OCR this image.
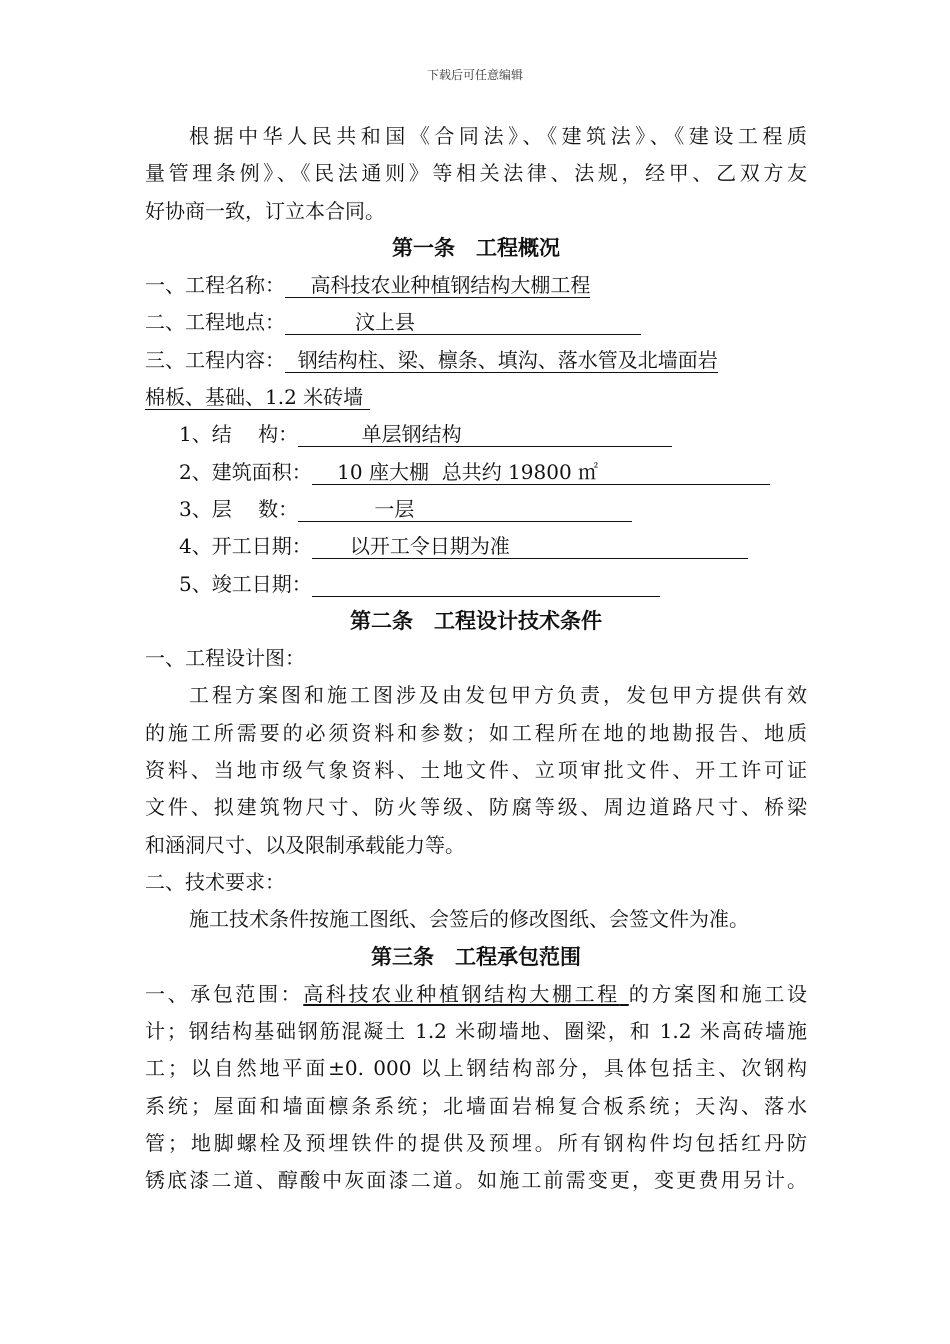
下载后可任意编辑
根据中华人民共和国《合同法》、《建筑法》、《建设工程质
量管理条例》、《民法通则》等相关法律、法规，经甲、乙双方友
好协商一致，订立本合同。
第一条　工程概况
一、工程名称： 高科技农业种植钢结构大棚工程
二、工程地点：	汶上县
三、工程内容： 钢结构柱、梁、檩条、填沟、落水管及北墙面岩
棉板、基础、1.2 米砖墙
1、结　 构：	单层钢结构
2、建筑面积： 10 座大棚  总共约 19800 ㎡
3、层　 数：	一层
4、开工日期： 以开工令日期为准
5、竣工日期：
第二条　工程设计技术条件
一、工程设计图：
工程方案图和施工图涉及由发包甲方负责，发包甲方提供有效
的施工所需要的必须资料和参数；如工程所在地的地勘报告、地质
资料、当地市级气象资料、土地文件、立项审批文件、开工许可证
文件、拟建筑物尺寸、防火等级、防腐等级、周边道路尺寸、桥梁
和涵洞尺寸、以及限制承载能力等。
二、技术要求：
施工技术条件按施工图纸、会签后的修改图纸、会签文件为准。
第三条　工程承包范围
一、承包范围：高科技农业种植钢结构大棚工程 的方案图和施工设
计；钢结构基础钢筋混凝土 1.2 米砌墙地、圈梁，和 1.2 米高砖墙施
工；以自然地平面±0. 000 以上钢结构部分，具体包括主、次钢构
系统；屋面和墙面檩条系统；北墙面岩棉复合板系统；天沟、落水
管；地脚螺栓及预埋铁件的提供及预埋。所有钢构件均包括红丹防
锈底漆二道、醇酸中灰面漆二道。如施工前需变更，变更费用另计。
